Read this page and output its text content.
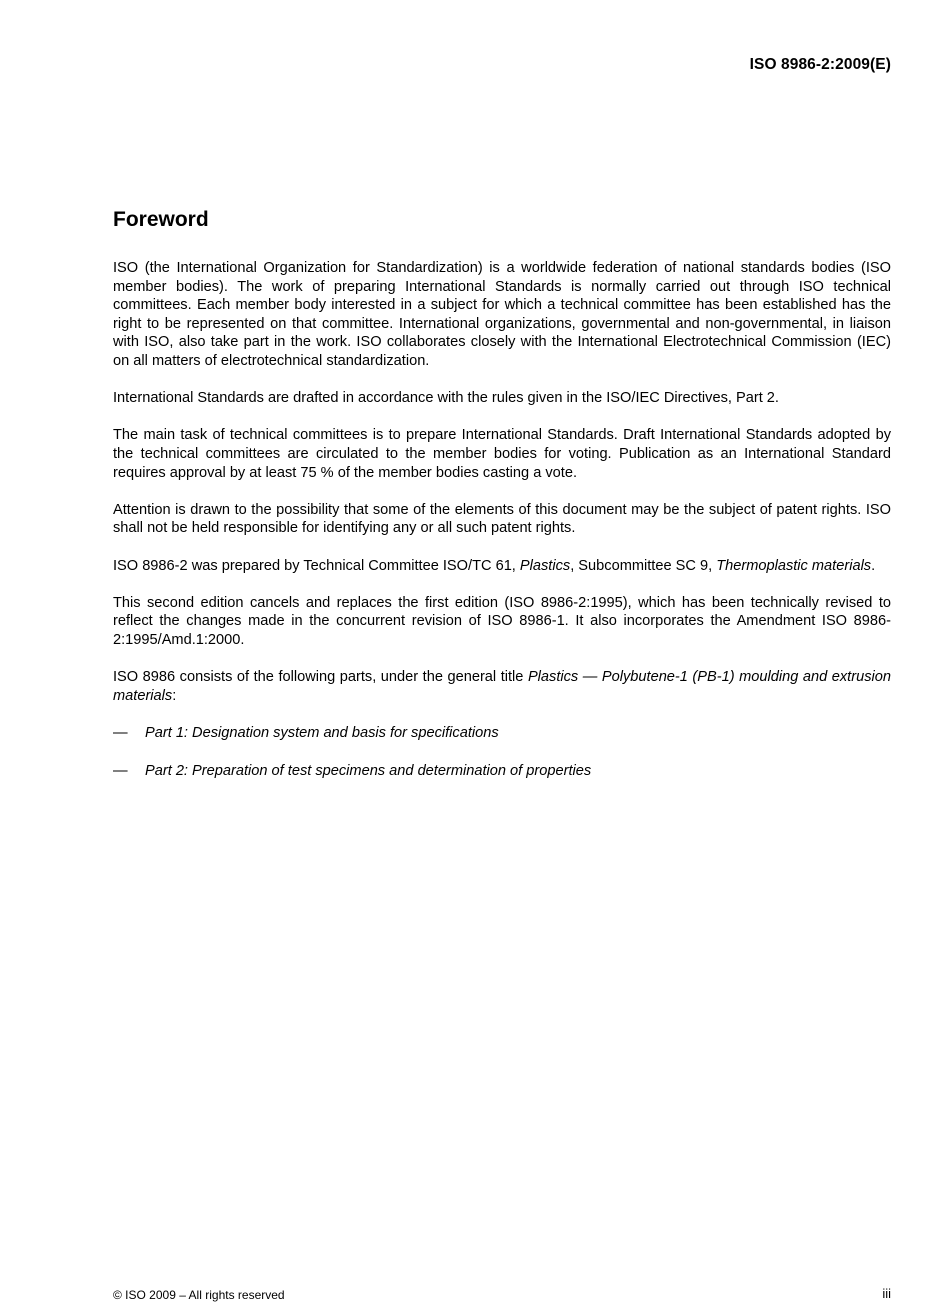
ISO 8986-2:2009(E)
Foreword

ISO (the International Organization for Standardization) is a worldwide federation of national standards bodies (ISO member bodies). The work of preparing International Standards is normally carried out through ISO technical committees. Each member body interested in a subject for which a technical committee has been established has the right to be represented on that committee. International organizations, governmental and non-governmental, in liaison with ISO, also take part in the work. ISO collaborates closely with the International Electrotechnical Commission (IEC) on all matters of electrotechnical standardization.

International Standards are drafted in accordance with the rules given in the ISO/IEC Directives, Part 2.

The main task of technical committees is to prepare International Standards. Draft International Standards adopted by the technical committees are circulated to the member bodies for voting. Publication as an International Standard requires approval by at least 75 % of the member bodies casting a vote.

Attention is drawn to the possibility that some of the elements of this document may be the subject of patent rights. ISO shall not be held responsible for identifying any or all such patent rights.

ISO 8986-2 was prepared by Technical Committee ISO/TC 61, Plastics, Subcommittee SC 9, Thermoplastic materials.

This second edition cancels and replaces the first edition (ISO 8986-2:1995), which has been technically revised to reflect the changes made in the concurrent revision of ISO 8986-1. It also incorporates the Amendment ISO 8986-2:1995/Amd.1:2000.

ISO 8986 consists of the following parts, under the general title Plastics — Polybutene-1 (PB-1) moulding and extrusion materials:

— Part 1: Designation system and basis for specifications
— Part 2: Preparation of test specimens and determination of properties
© ISO 2009 – All rights reserved	iii
